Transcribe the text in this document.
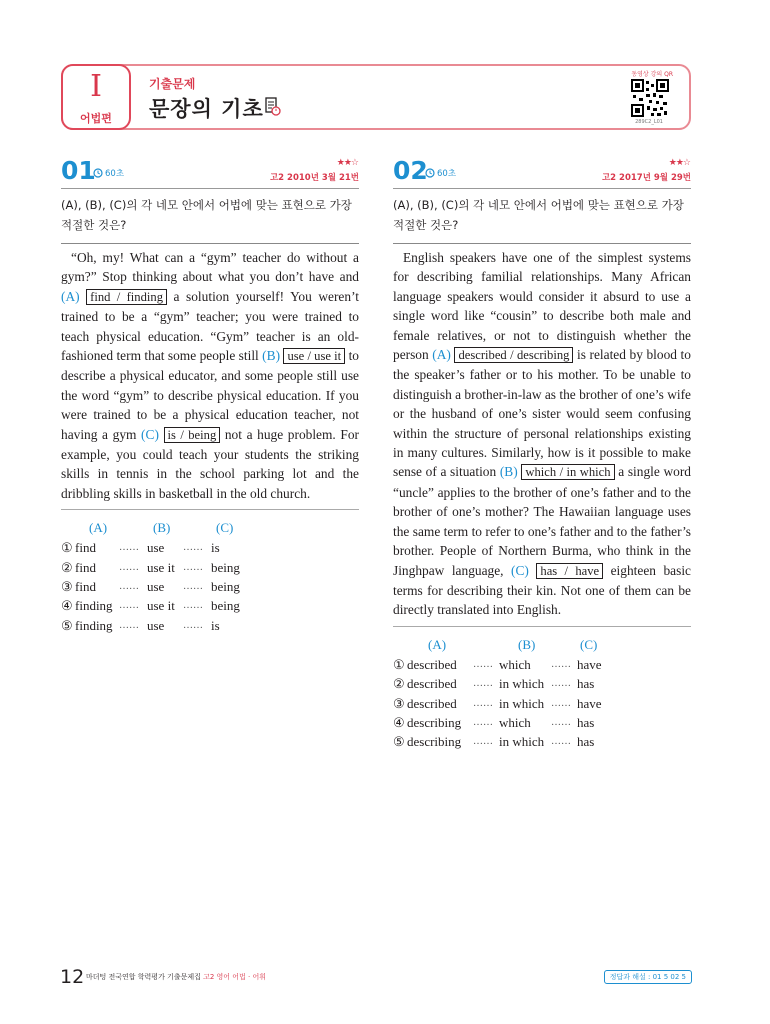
I
어법편
기출문제
문장의 기초
동영상 강의 QR
289C2_L01
01 60초
★★☆
고2 2010년 3월 21번
(A), (B), (C)의 각 네모 안에서 어법에 맞는 표현으로 가장
적절한 것은?

“Oh, my! What can a “gym” teacher do without a gym?” Stop thinking about what you don’t have and (A) find / finding a solution yourself! You weren’t trained to be a “gym” teacher; you were trained to teach physical education. “Gym” teacher is an old-fashioned term that some people still (B) use / use it to describe a physical educator, and some people still use the word “gym” to describe physical education. If you were trained to be a physical education teacher, not having a gym (C) is / being not a huge problem. For example, you could teach your students the striking skills in tennis in the school parking lot and the dribbling skills in basketball in the old church.

(A)	(B)	(C)
① find …… use …… is
② find …… use it …… being
③ find …… use …… being
④ finding …… use it …… being
⑤ finding …… use …… is
02 60초
★★☆
고2 2017년 9월 29번
(A), (B), (C)의 각 네모 안에서 어법에 맞는 표현으로 가장
적절한 것은?

English speakers have one of the simplest systems for describing familial relationships. Many African language speakers would consider it absurd to use a single word like “cousin” to describe both male and female relatives, or not to distinguish whether the person (A) described / describing is related by blood to the speaker’s father or to his mother. To be unable to distinguish a brother-in-law as the brother of one’s wife or the husband of one’s sister would seem confusing within the structure of personal relationships existing in many cultures. Similarly, how is it possible to make sense of a situation (B) which / in which a single word “uncle” applies to the brother of one’s father and to the brother of one’s mother? The Hawaiian language uses the same term to refer to one’s father and to the father’s brother. People of Northern Burma, who think in the Jinghpaw language, (C) has / have eighteen basic terms for describing their kin. Not one of them can be directly translated into English.

(A)	(B)	(C)
① described …… which …… have
② described …… in which …… has
③ described …… in which …… have
④ describing …… which …… has
⑤ describing …… in which …… has
12 마더텅 전국연합 학력평가 기출문제집 고2 영어 어법 · 어휘	정답과 해설 : 01 5 02 5
